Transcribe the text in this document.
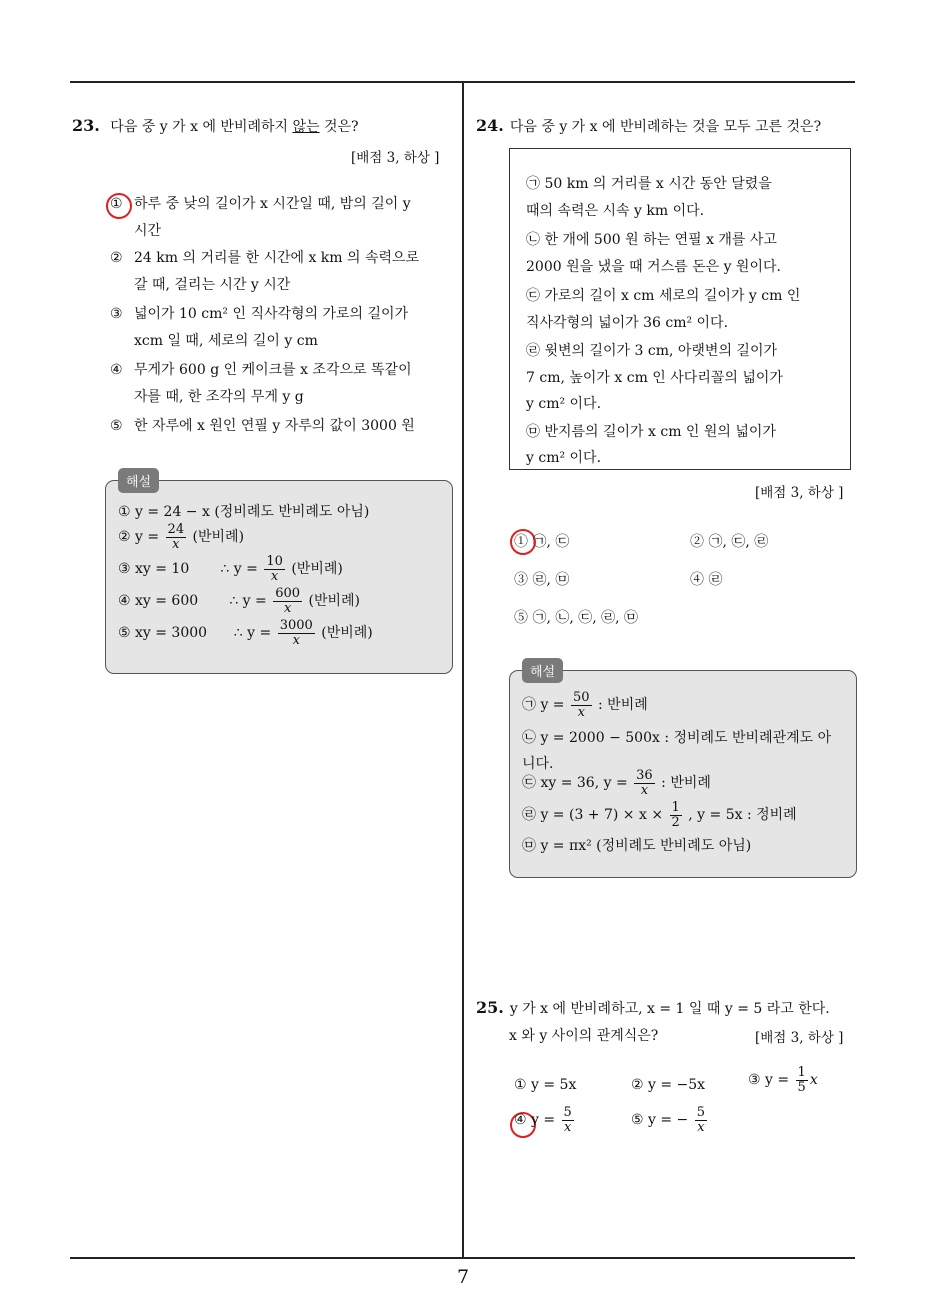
23. 다음 중 y 가 x 에 반비례하지 않는 것은?
[배점 3, 하상 ]
① 하루 중 낮의 길이가 x 시간일 때, 밤의 길이 y
시간
② 24 km 의 거리를 한 시간에 x km 의 속력으로
갈 때, 걸리는 시간 y 시간
③ 넓이가 10 cm² 인 직사각형의 가로의 길이가
xcm 일 때, 세로의 길이 y cm
④ 무게가 600 g 인 케이크를 x 조각으로 똑같이
자를 때, 한 조각의 무게 y g
⑤ 한 자루에 x 원인 연필 y 자루의 값이 3000 원
① y = 24 − x (정비례도 반비례도 아님)
② $y = \frac{24}{x}$ (반비례)
③ xy = 10 ∴ $y = \frac{10}{x}$ (반비례)
④ xy = 600 ∴ $y = \frac{600}{x}$ (반비례)
⑤ xy = 3000 ∴ $y = \frac{3000}{x}$ (반비례)
해설
24. 다음 중 y 가 x 에 반비례하는 것을 모두 고른 것은?
㉠ 50 km 의 거리를 x 시간 동안 달렸을
때의 속력은 시속 y km 이다.
㉡ 한 개에 500 원 하는 연필 x 개를 사고
2000 원을 냈을 때 거스름 돈은 y 원이다.
㉢ 가로의 길이 x cm 세로의 길이가 y cm 인
직사각형의 넓이가 36 cm² 이다.
㉣ 윗변의 길이가 3 cm, 아랫변의 길이가
7 cm, 높이가 x cm 인 사다리꼴의 넓이가
y cm² 이다.
㉤ 반지름의 길이가 x cm 인 원의 넓이가
y cm² 이다.
[배점 3, 하상 ]
① ㉠, ㉢	② ㉠, ㉢, ㉣
③ ㉣, ㉤	④ ㉣
⑤ ㉠, ㉡, ㉢, ㉣, ㉤
㉠ $y = \frac{50}{x}$ : 반비례
㉡ y = 2000 − 500x : 정비례도 반비례관계도 아
니다.
㉢ xy = 36, $y = \frac{36}{x}$ : 반비례
㉣ $y = (3 + 7) \times x \times \frac{1}{2}$ , y = 5x : 정비례
㉤ y = πx² (정비례도 반비례도 아님)
해설
25. y 가 x 에 반비례하고, x = 1 일 때 y = 5 라고 한다.
x 와 y 사이의 관계식은?	[배점 3, 하상 ]
① y = 5x	② y = −5x	③ $y = \frac{1}{5}$ x
④ $y = \frac{5}{x}$	⑤ y = − $\frac{5}{x}$
7
